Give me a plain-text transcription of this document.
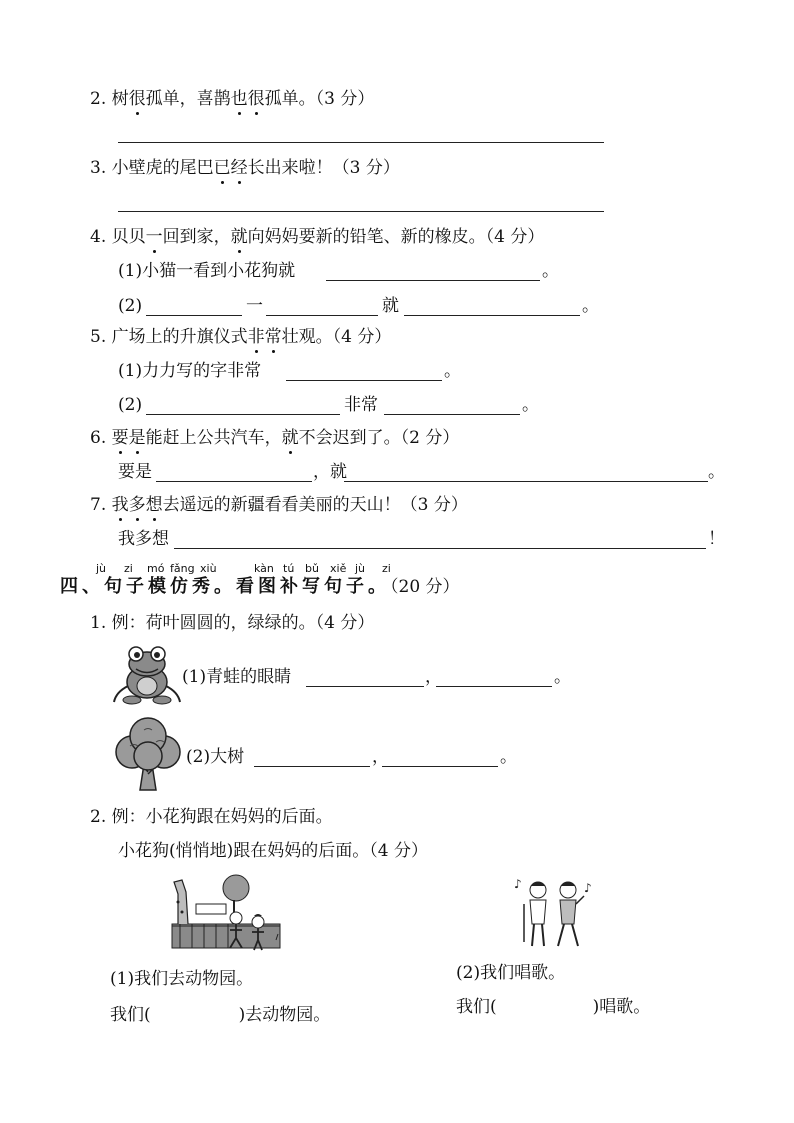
2. 树很孤单，喜鹊也很孤单。（3 分）
3. 小壁虎的尾巴已经长出来啦！（3 分）
4. 贝贝一回到家，就向妈妈要新的铅笔、新的橡皮。（4 分）
(1)小猫一看到小花狗就	。
(2)	一	就	。
5. 广场上的升旗仪式非常壮观。（4 分）
(1)力力写的字非常	。
(2)	非常	。
6. 要是能赶上公共汽车，就不会迟到了。（2 分）
要是	，就	。
7. 我多想去遥远的新疆看看美丽的天山！（3 分）
我多想	！
jù zi mó fǎng xiù	kàn tú bǔ xiě jù zi
四、句子模仿秀。看图补写句子。（20 分）
1. 例：荷叶圆圆的，绿绿的。（4 分）
(1)青蛙的眼睛	，	。
(2)大树	，	。
2. 例：小花狗跟在妈妈的后面。
小花狗(悄悄地)跟在妈妈的后面。（4 分）
♪	♪
(1)我们去动物园。
我们(	)去动物园。
(2)我们唱歌。
我们(	)唱歌。
